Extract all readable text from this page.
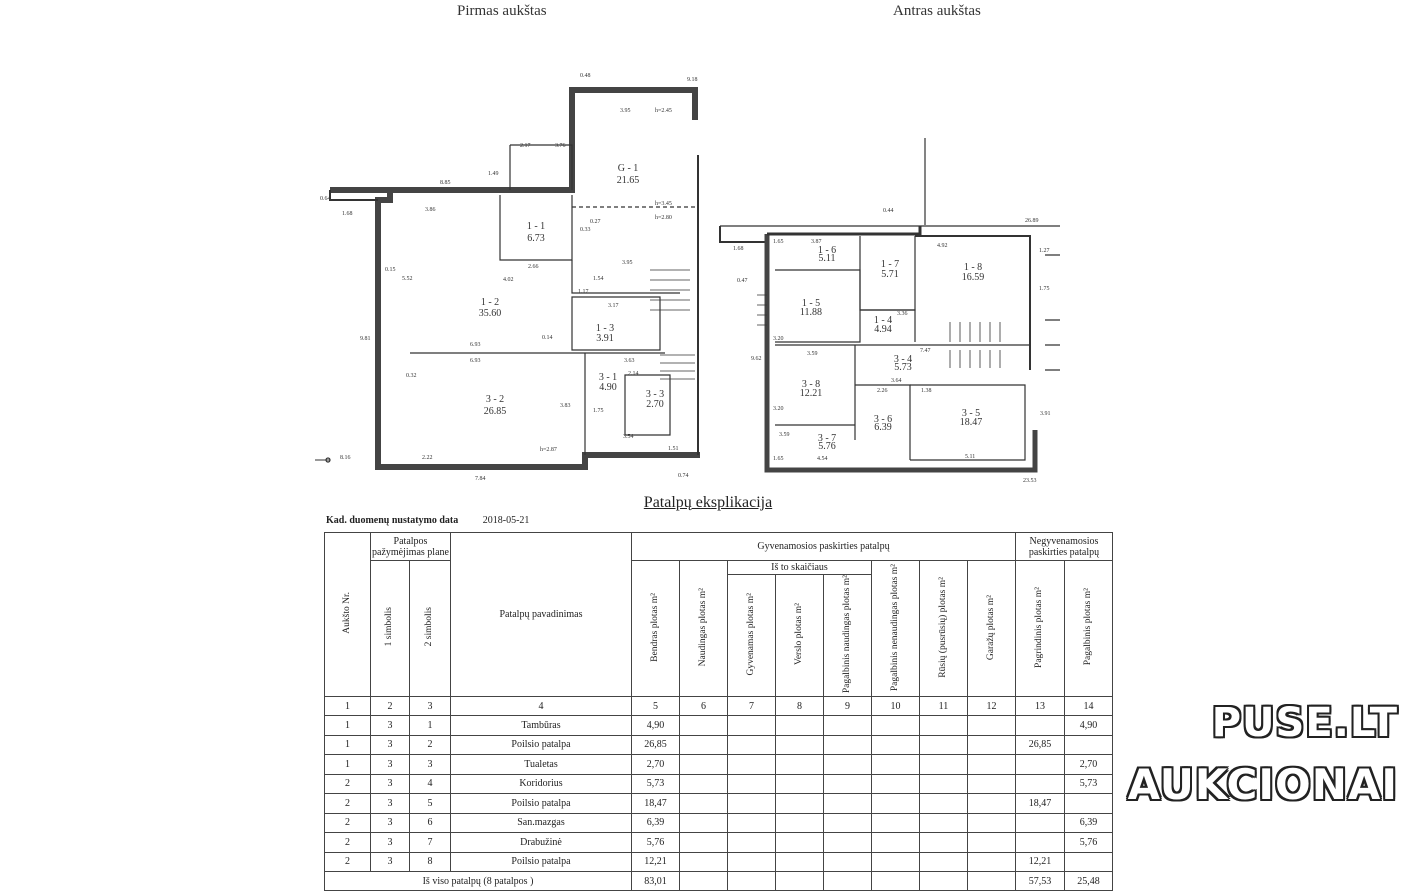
Pirmas aukštas	Antras aukštas
G - 1
21.65
1 - 1
6.73
1 - 2
35.60
1 - 3
3.91
3 - 1
4.90
3 - 2
26.85
3 - 3
2.70
9.18
3.95	h=2.45
0.48
2.17	3.76
1.49
8.85
3.86
1.68
0.64
0.27
0.33
h=3.45
h=2.80
5.52
0.15	2.66
4.02
3.95
1.17
3.17
1.54
0.14
6.93
6.93
9.81
0.32
3.63
2.14
3.83
1.75
3.54
h=2.87
2.22
7.84
8.16
0.74
1.51
1 - 6
5.11
1 - 7
5.71
1 - 8
16.59
1 - 5
11.88
1 - 4
4.94
3 - 4
5.73
3 - 8
12.21
3 - 6
6.39
3 - 5
18.47
3 - 7
5.76
0.44
26.89
1.68
1.65	3.87
4.92
3.36
0.47
9.62
3.20
3.59	7.47
3.64
3.20
3.59
2.26	1.38
1.65	4.54	5.11
23.53
3.91
1.27
1.75
Patalpų eksplikacija
Kad. duomenų nustatymo data 2018-05-21
Aukšto Nr.	Patalpos pažymėjimas plane		Patalpų pavadinimas	Gyvenamosios paskirties patalpų								Negyvenamosios paskirties patalpų	
	1 simbolis	2 simbolis		Bendras plotas m²	Naudingas plotas m²	Iš to skaičiaus			Pagalbinis nenaudingas plotas m²	Rūsių (pusrūsių) plotas m²	Garažų plotas m²	Pagrindinis plotas m²	Pagalbinis plotas m²
						Gyvenamas plotas m²	Verslo plotas m²	Pagalbinis naudingas plotas m²					
1	2	3	4	5	6	7	8	9	10	11	12	13	14
1	3	1	Tambūras	4,90									4,90
1	3	2	Poilsio patalpa	26,85								26,85	
1	3	3	Tualetas	2,70									2,70
2	3	4	Koridorius	5,73									5,73
2	3	5	Poilsio patalpa	18,47								18,47	
2	3	6	San.mazgas	6,39									6,39
2	3	7	Drabužinė	5,76									5,76
2	3	8	Poilsio patalpa	12,21								12,21	
Iš viso patalpų (8 patalpos )				83,01								57,53	25,48
PUSE.LT
AUKCIONAI
